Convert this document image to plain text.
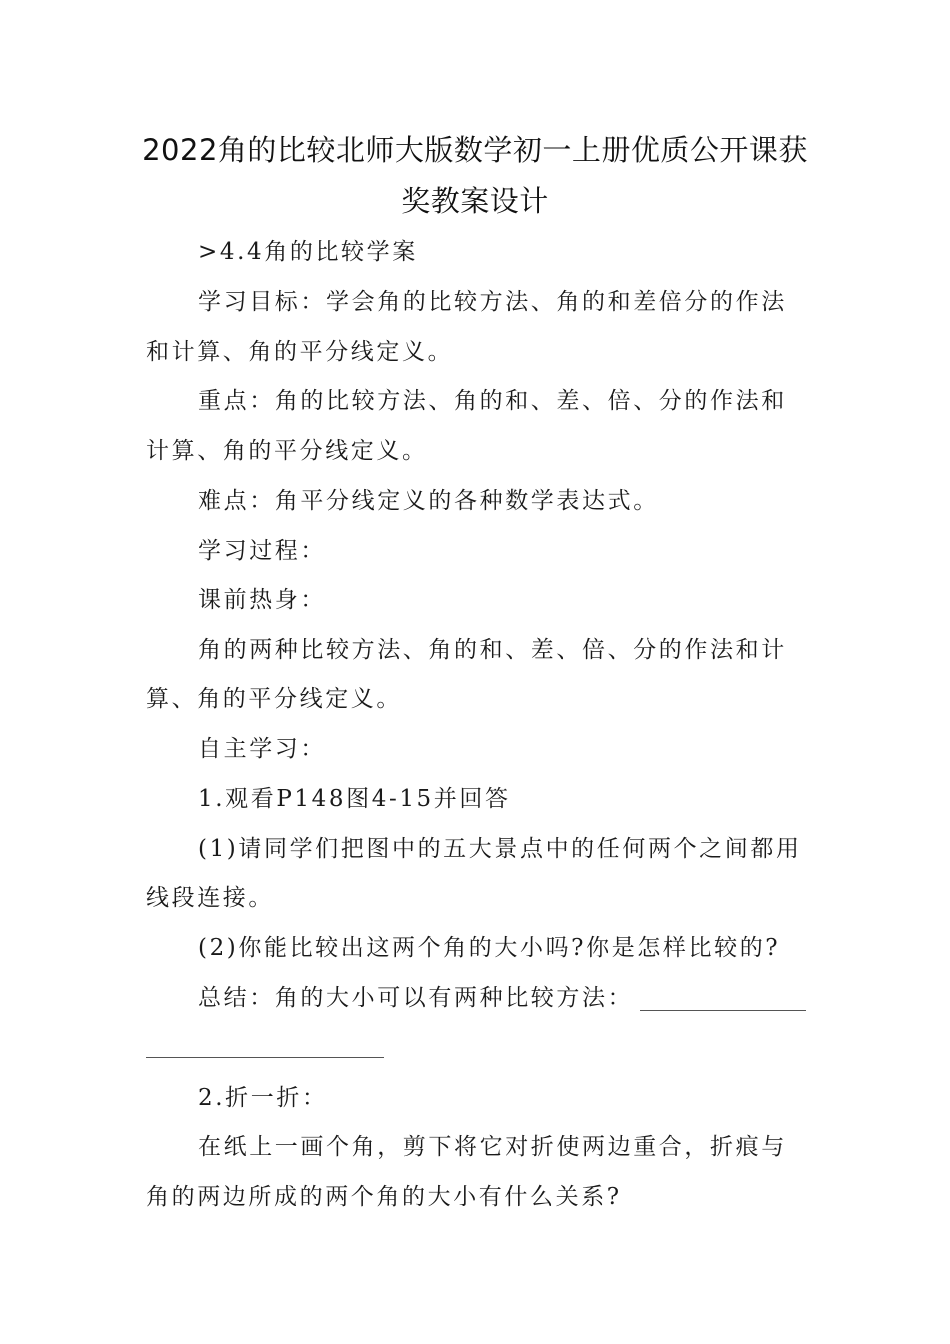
2022角的比较北师大版数学初一上册优质公开课获
奖教案设计
>4.4角的比较学案
学习目标：学会角的比较方法、角的和差倍分的作法
和计算、角的平分线定义。
重点：角的比较方法、角的和、差、倍、分的作法和
计算、角的平分线定义。
难点：角平分线定义的各种数学表达式。
学习过程：
课前热身：
角的两种比较方法、角的和、差、倍、分的作法和计
算、角的平分线定义。
自主学习：
1.观看P148图4-15并回答
(1)请同学们把图中的五大景点中的任何两个之间都用
线段连接。
(2)你能比较出这两个角的大小吗?你是怎样比较的?
总结：角的大小可以有两种比较方法：
2.折一折：
在纸上一画个角，剪下将它对折使两边重合，折痕与
角的两边所成的两个角的大小有什么关系?
